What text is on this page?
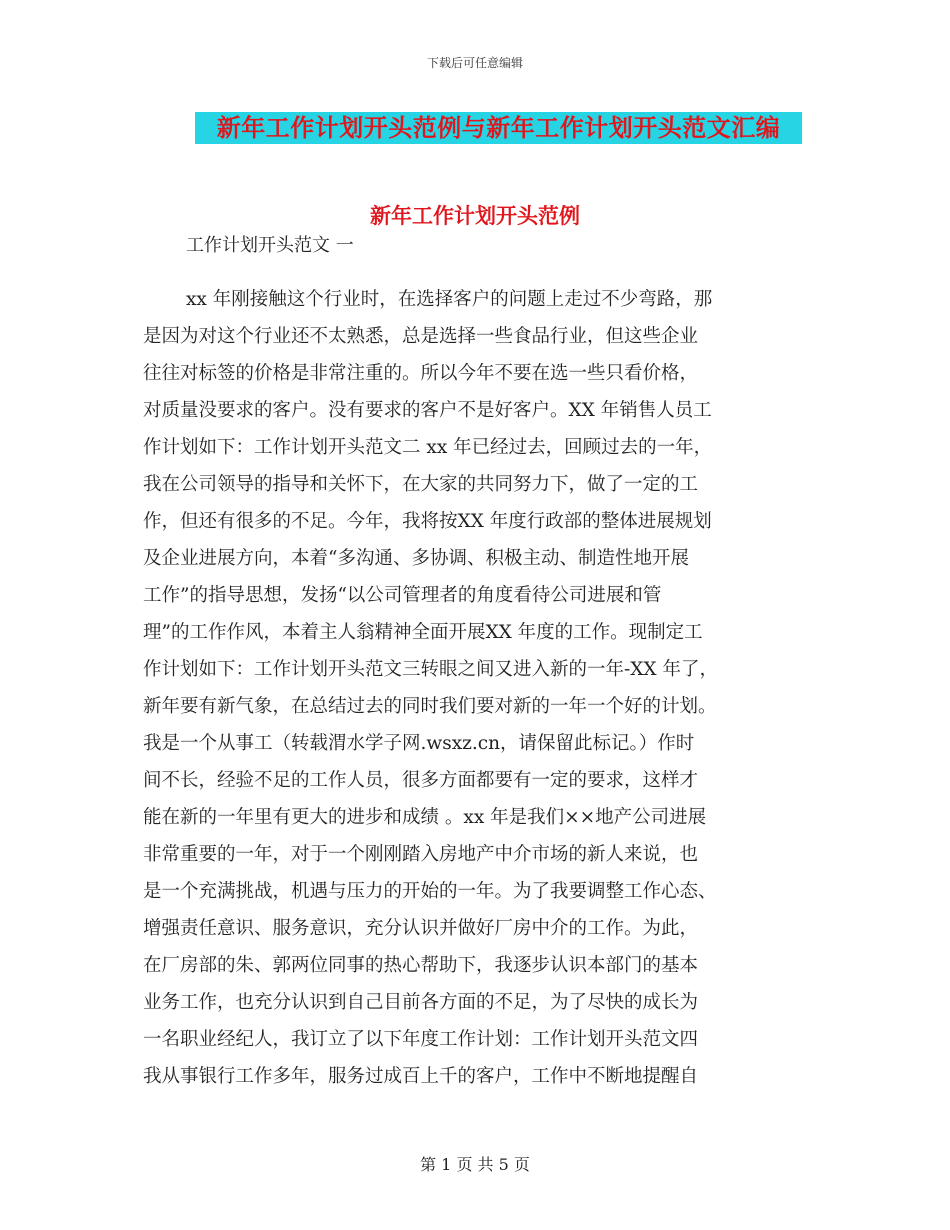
下载后可任意编辑
新年工作计划开头范例与新年工作计划开头范文汇编
新年工作计划开头范例
工作计划开头范文 一
xx 年刚接触这个行业时，在选择客户的问题上走过不少弯路，那
是因为对这个行业还不太熟悉，总是选择一些食品行业，但这些企业
往往对标签的价格是非常注重的。所以今年不要在选一些只看价格，
对质量没要求的客户。没有要求的客户不是好客户。XX 年销售人员工
作计划如下：工作计划开头范文二 xx 年已经过去，回顾过去的一年，
我在公司领导的指导和关怀下，在大家的共同努力下，做了一定的工
作，但还有很多的不足。今年，我将按XX 年度行政部的整体进展规划
及企业进展方向，本着“多沟通、多协调、积极主动、制造性地开展
工作”的指导思想，发扬“以公司管理者的角度看待公司进展和管
理”的工作作风，本着主人翁精神全面开展XX 年度的工作。现制定工
作计划如下：工作计划开头范文三转眼之间又进入新的一年-XX 年了，
新年要有新气象，在总结过去的同时我们要对新的一年一个好的计划。
我是一个从事工（转载渭水学子网.wsxz.cn，请保留此标记。）作时
间不长，经验不足的工作人员，很多方面都要有一定的要求，这样才
能在新的一年里有更大的进步和成绩 。xx 年是我们××地产公司进展
非常重要的一年，对于一个刚刚踏入房地产中介市场的新人来说，也
是一个充满挑战，机遇与压力的开始的一年。为了我要调整工作心态、
增强责任意识、服务意识，充分认识并做好厂房中介的工作。为此，
在厂房部的朱、郭两位同事的热心帮助下，我逐步认识本部门的基本
业务工作，也充分认识到自己目前各方面的不足，为了尽快的成长为
一名职业经纪人，我订立了以下年度工作计划：工作计划开头范文四
我从事银行工作多年，服务过成百上千的客户，工作中不断地提醒自
第 1 页 共 5 页
